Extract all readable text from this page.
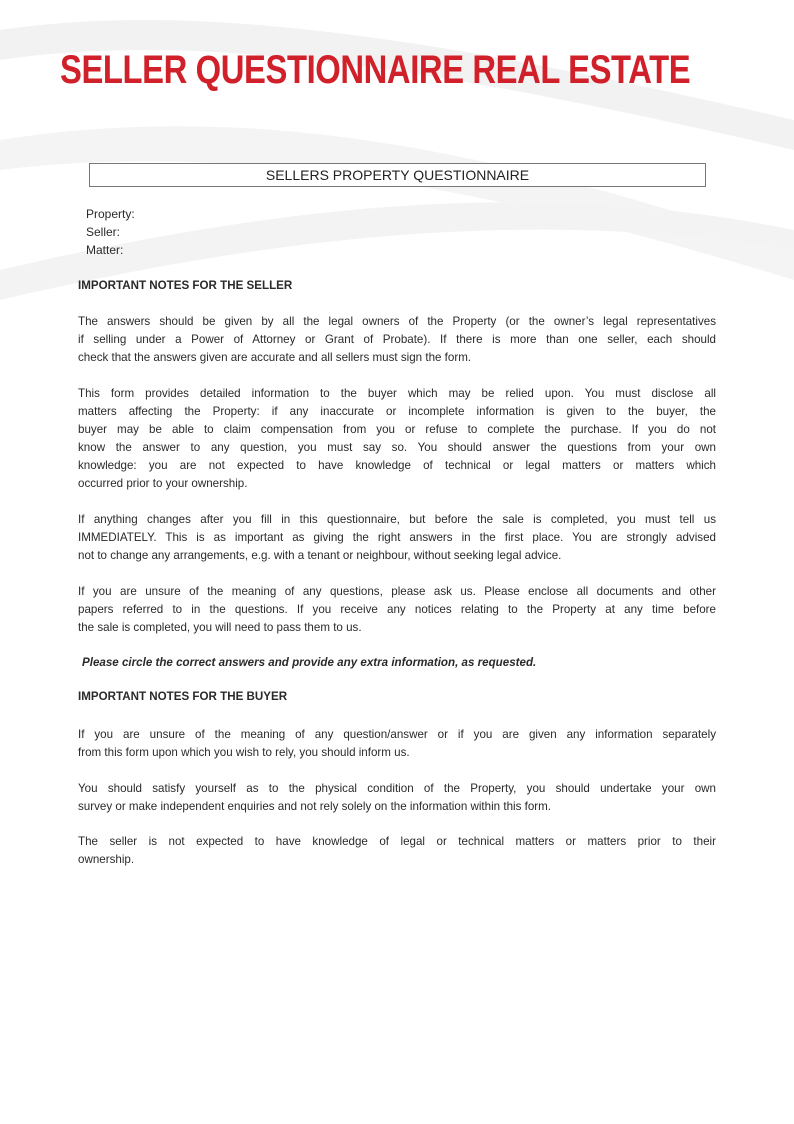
SELLER QUESTIONNAIRE REAL ESTATE
SELLERS PROPERTY QUESTIONNAIRE
Property:
Seller:
Matter:
IMPORTANT NOTES FOR THE SELLER
The answers should be given by all the legal owners of the Property (or the owner’s legal representatives
if selling under a Power of Attorney or Grant of Probate). If there is more than one seller, each should
check that the answers given are accurate and all sellers must sign the form.
This form provides detailed information to the buyer which may be relied upon. You must disclose all
matters affecting the Property: if any inaccurate or incomplete information is given to the buyer, the
buyer may be able to claim compensation from you or refuse to complete the purchase. If you do not
know the answer to any question, you must say so. You should answer the questions from your own
knowledge: you are not expected to have knowledge of technical or legal matters or matters which
occurred prior to your ownership.
If anything changes after you fill in this questionnaire, but before the sale is completed, you must tell us
IMMEDIATELY. This is as important as giving the right answers in the first place. You are strongly advised
not to change any arrangements, e.g. with a tenant or neighbour, without seeking legal advice.
If you are unsure of the meaning of any questions, please ask us. Please enclose all documents and other
papers referred to in the questions. If you receive any notices relating to the Property at any time before
the sale is completed, you will need to pass them to us.
Please circle the correct answers and provide any extra information, as requested.
IMPORTANT NOTES FOR THE BUYER
If you are unsure of the meaning of any question/answer or if you are given any information separately
from this form upon which you wish to rely, you should inform us.
You should satisfy yourself as to the physical condition of the Property, you should undertake your own
survey or make independent enquiries and not rely solely on the information within this form.
The seller is not expected to have knowledge of legal or technical matters or matters prior to their
ownership.
